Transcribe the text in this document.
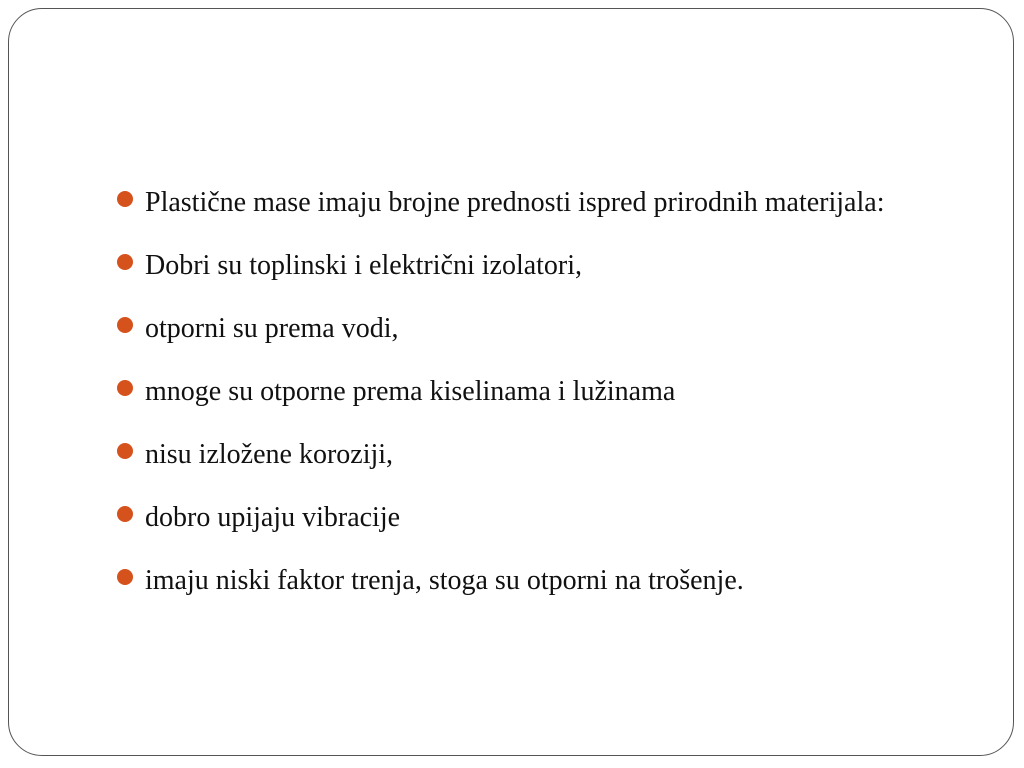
Plastične mase imaju brojne prednosti ispred prirodnih materijala:
Dobri su toplinski i električni izolatori,
otporni su prema vodi,
mnoge su otporne prema kiselinama i lužinama
nisu izložene koroziji,
dobro upijaju vibracije
imaju niski faktor trenja, stoga su otporni na trošenje.
